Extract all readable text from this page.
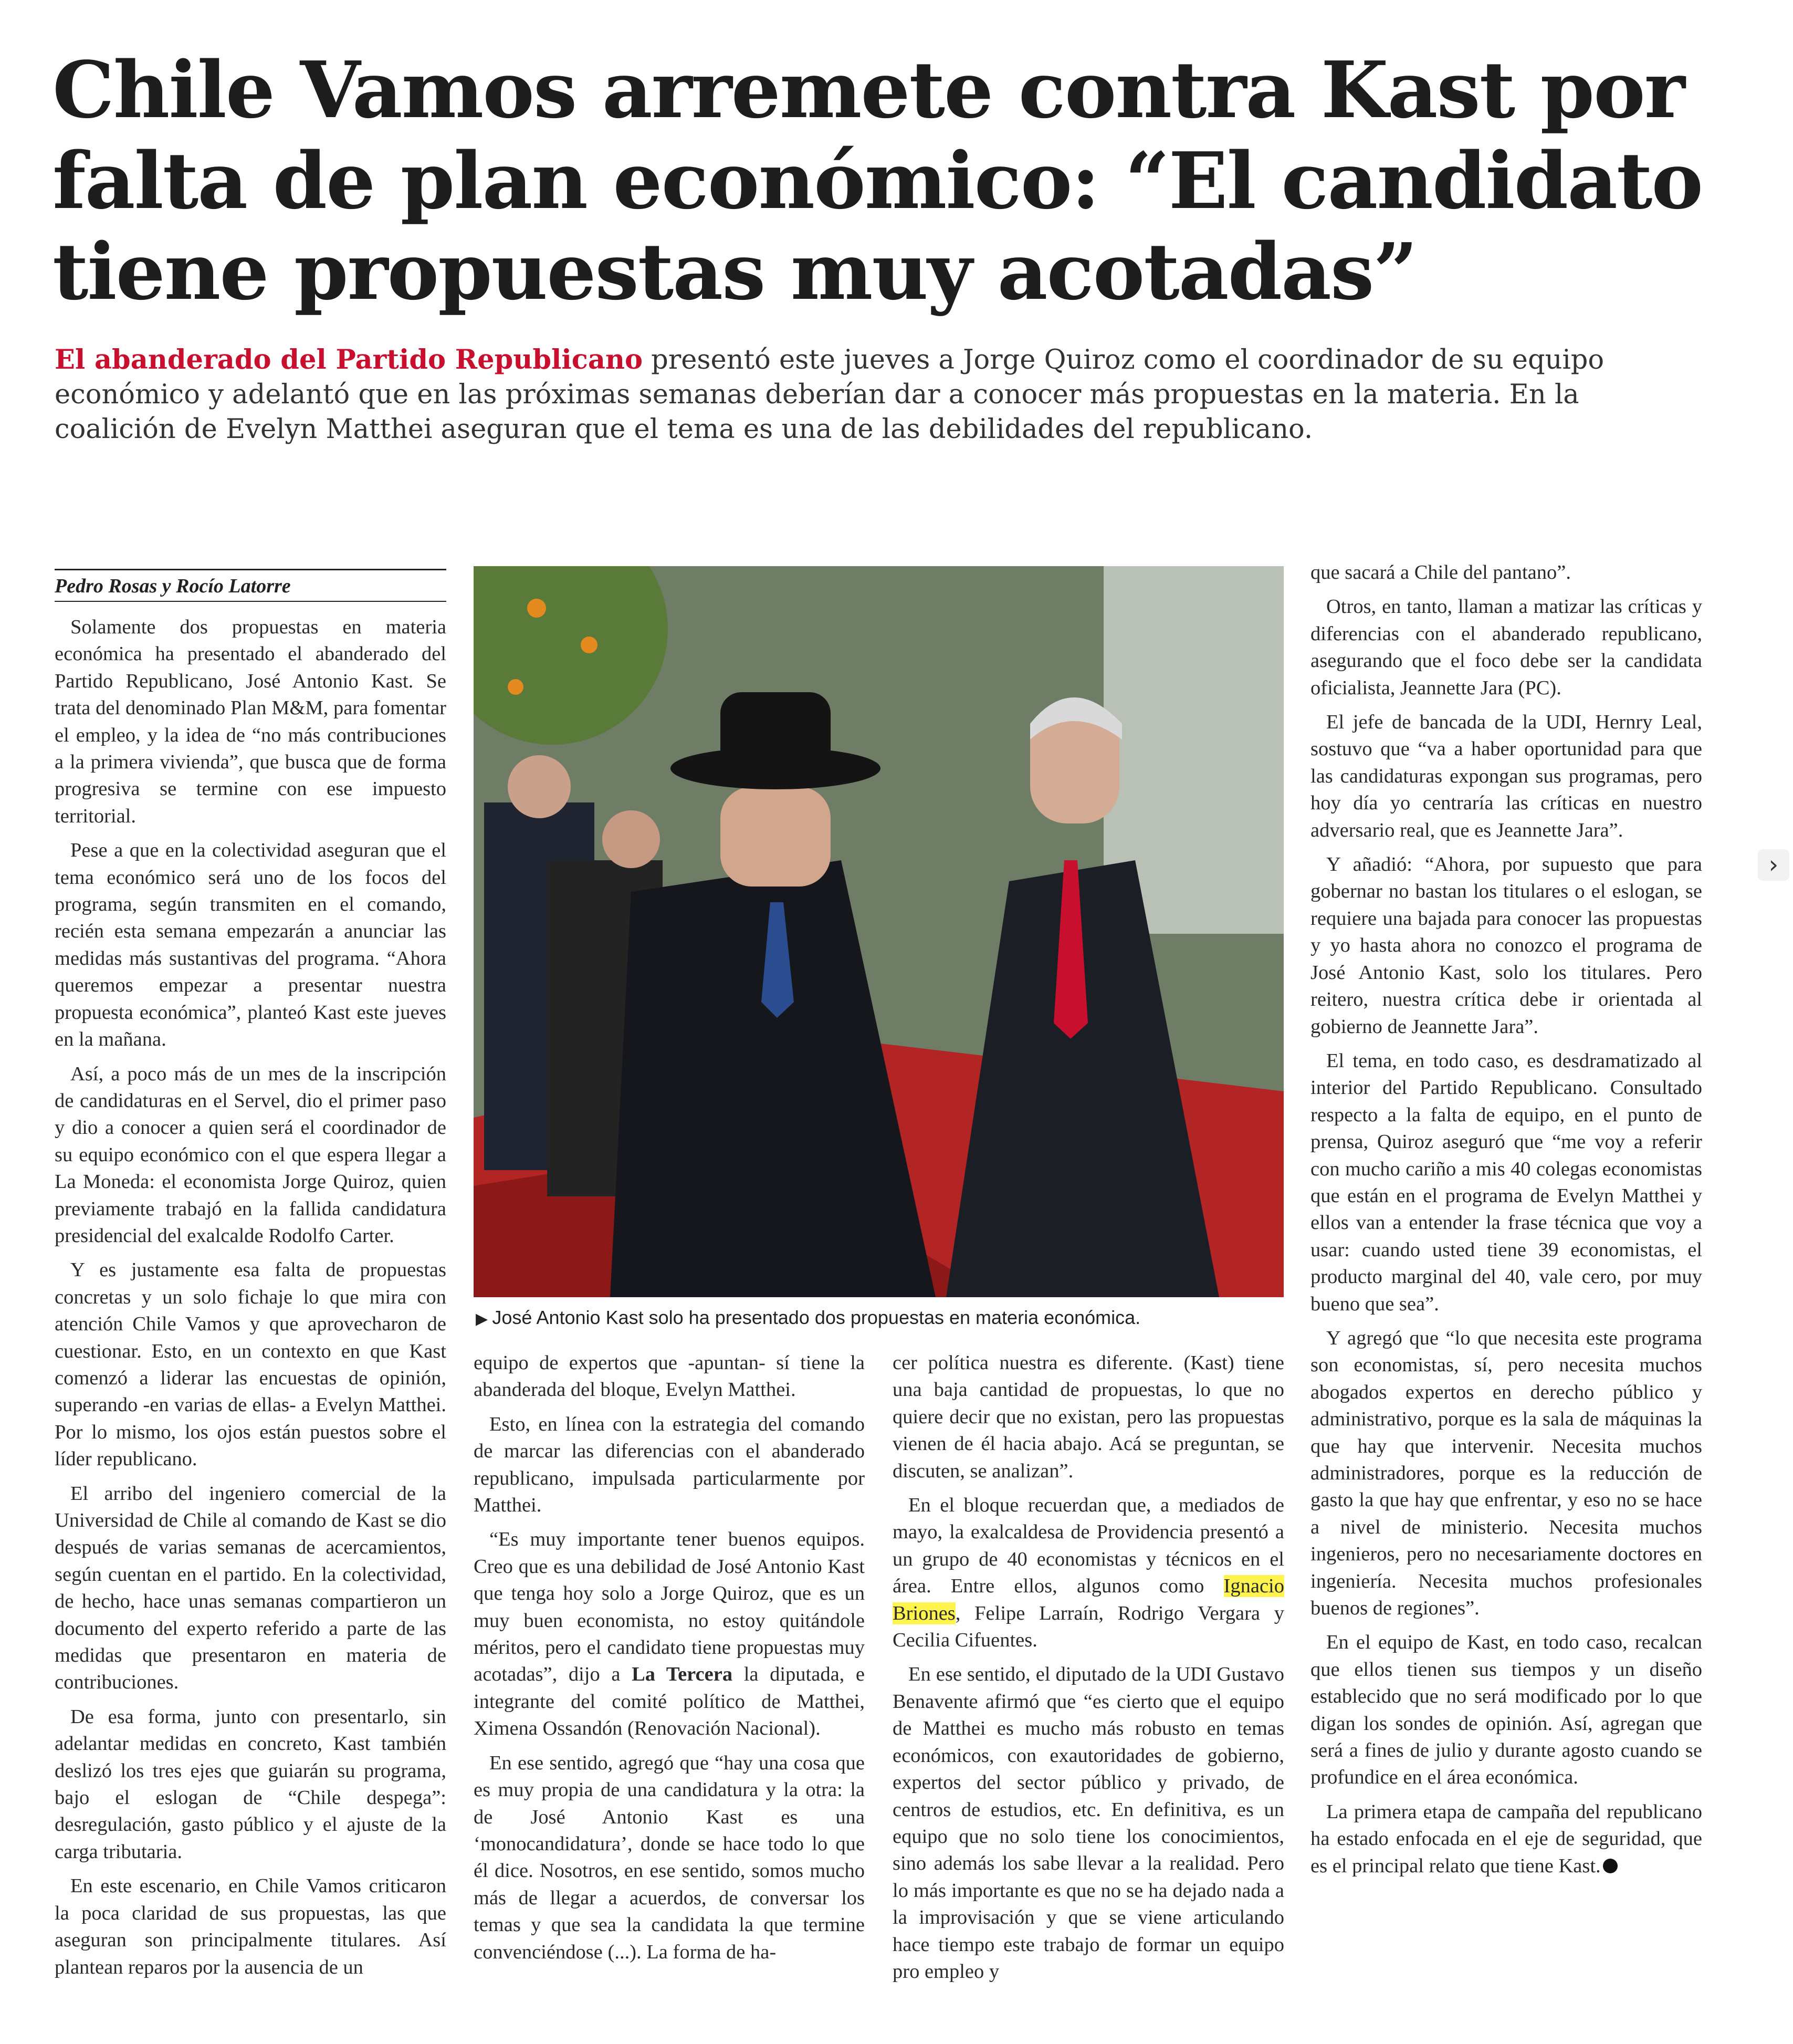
Chile Vamos arremete contra Kast por falta de plan económico: “El candidato tiene propuestas muy acotadas”

El abanderado del Partido Republicano presentó este jueves a Jorge Quiroz como el coordinador de su equipo económico y adelantó que en las próximas semanas deberían dar a conocer más propuestas en la materia. En la coalición de Evelyn Matthei aseguran que el tema es una de las debilidades del republicano.

Pedro Rosas y Rocío Latorre

Solamente dos propuestas en materia económica ha presentado el abanderado del Partido Republicano, José Antonio Kast. Se trata del denominado Plan M&M, para fomentar el empleo, y la idea de “no más contribuciones a la primera vivienda”, que busca que de forma progresiva se termine con ese impuesto territorial.

Pese a que en la colectividad aseguran que el tema económico será uno de los focos del programa, según transmiten en el comando, recién esta semana empezarán a anunciar las medidas más sustantivas del programa. “Ahora queremos empezar a presentar nuestra propuesta económica”, planteó Kast este jueves en la mañana.

Así, a poco más de un mes de la inscripción de candidaturas en el Servel, dio el primer paso y dio a conocer a quien será el coordinador de su equipo económico con el que espera llegar a La Moneda: el economista Jorge Quiroz, quien previamente trabajó en la fallida candidatura presidencial del exalcalde Rodolfo Carter.

Y es justamente esa falta de propuestas concretas y un solo fichaje lo que mira con atención Chile Vamos y que aprovecharon de cuestionar. Esto, en un contexto en que Kast comenzó a liderar las encuestas de opinión, superando -en varias de ellas- a Evelyn Matthei. Por lo mismo, los ojos están puestos sobre el líder republicano.

El arribo del ingeniero comercial de la Universidad de Chile al comando de Kast se dio después de varias semanas de acercamientos, según cuentan en el partido. En la colectividad, de hecho, hace unas semanas compartieron un documento del experto referido a parte de las medidas que presentaron en materia de contribuciones.

De esa forma, junto con presentarlo, sin adelantar medidas en concreto, Kast también deslizó los tres ejes que guiarán su programa, bajo el eslogan de “Chile despega”: desregulación, gasto público y el ajuste de la carga tributaria.

En este escenario, en Chile Vamos criticaron la poca claridad de sus propuestas, las que aseguran son principalmente titulares. Así plantean reparos por la ausencia de un

▶ José Antonio Kast solo ha presentado dos propuestas en materia económica.

equipo de expertos que -apuntan- sí tiene la abanderada del bloque, Evelyn Matthei.

Esto, en línea con la estrategia del comando de marcar las diferencias con el abanderado republicano, impulsada particularmente por Matthei.

“Es muy importante tener buenos equipos. Creo que es una debilidad de José Antonio Kast que tenga hoy solo a Jorge Quiroz, que es un muy buen economista, no estoy quitándole méritos, pero el candidato tiene propuestas muy acotadas”, dijo a La Tercera la diputada, e integrante del comité político de Matthei, Ximena Ossandón (Renovación Nacional).

En ese sentido, agregó que “hay una cosa que es muy propia de una candidatura y la otra: la de José Antonio Kast es una ‘monocandidatura’, donde se hace todo lo que él dice. Nosotros, en ese sentido, somos mucho más de llegar a acuerdos, de conversar los temas y que sea la candidata la que termine convenciéndose (...). La forma de ha-

cer política nuestra es diferente. (Kast) tiene una baja cantidad de propuestas, lo que no quiere decir que no existan, pero las propuestas vienen de él hacia abajo. Acá se preguntan, se discuten, se analizan”.

En el bloque recuerdan que, a mediados de mayo, la exalcaldesa de Providencia presentó a un grupo de 40 economistas y técnicos en el área. Entre ellos, algunos como Ignacio Briones, Felipe Larraín, Rodrigo Vergara y Cecilia Cifuentes.

En ese sentido, el diputado de la UDI Gustavo Benavente afirmó que “es cierto que el equipo de Matthei es mucho más robusto en temas económicos, con exautoridades de gobierno, expertos del sector público y privado, de centros de estudios, etc. En definitiva, es un equipo que no solo tiene los conocimientos, sino además los sabe llevar a la realidad. Pero lo más importante es que no se ha dejado nada a la improvisación y que se viene articulando hace tiempo este trabajo de formar un equipo pro empleo y

que sacará a Chile del pantano”.

Otros, en tanto, llaman a matizar las críticas y diferencias con el abanderado republicano, asegurando que el foco debe ser la candidata oficialista, Jeannette Jara (PC).

El jefe de bancada de la UDI, Hernry Leal, sostuvo que “va a haber oportunidad para que las candidaturas expongan sus programas, pero hoy día yo centraría las críticas en nuestro adversario real, que es Jeannette Jara”.

Y añadió: “Ahora, por supuesto que para gobernar no bastan los titulares o el eslogan, se requiere una bajada para conocer las propuestas y yo hasta ahora no conozco el programa de José Antonio Kast, solo los titulares. Pero reitero, nuestra crítica debe ir orientada al gobierno de Jeannette Jara”.

El tema, en todo caso, es desdramatizado al interior del Partido Republicano. Consultado respecto a la falta de equipo, en el punto de prensa, Quiroz aseguró que “me voy a referir con mucho cariño a mis 40 colegas economistas que están en el programa de Evelyn Matthei y ellos van a entender la frase técnica que voy a usar: cuando usted tiene 39 economistas, el producto marginal del 40, vale cero, por muy bueno que sea”.

Y agregó que “lo que necesita este programa son economistas, sí, pero necesita muchos abogados expertos en derecho público y administrativo, porque es la sala de máquinas la que hay que intervenir. Necesita muchos administradores, porque es la reducción de gasto la que hay que enfrentar, y eso no se hace a nivel de ministerio. Necesita muchos ingenieros, pero no necesariamente doctores en ingeniería. Necesita muchos profesionales buenos de regiones”.

En el equipo de Kast, en todo caso, recalcan que ellos tienen sus tiempos y un diseño establecido que no será modificado por lo que digan los sondes de opinión. Así, agregan que será a fines de julio y durante agosto cuando se profundice en el área económica.

La primera etapa de campaña del republicano ha estado enfocada en el eje de seguridad, que es el principal relato que tiene Kast.

›
